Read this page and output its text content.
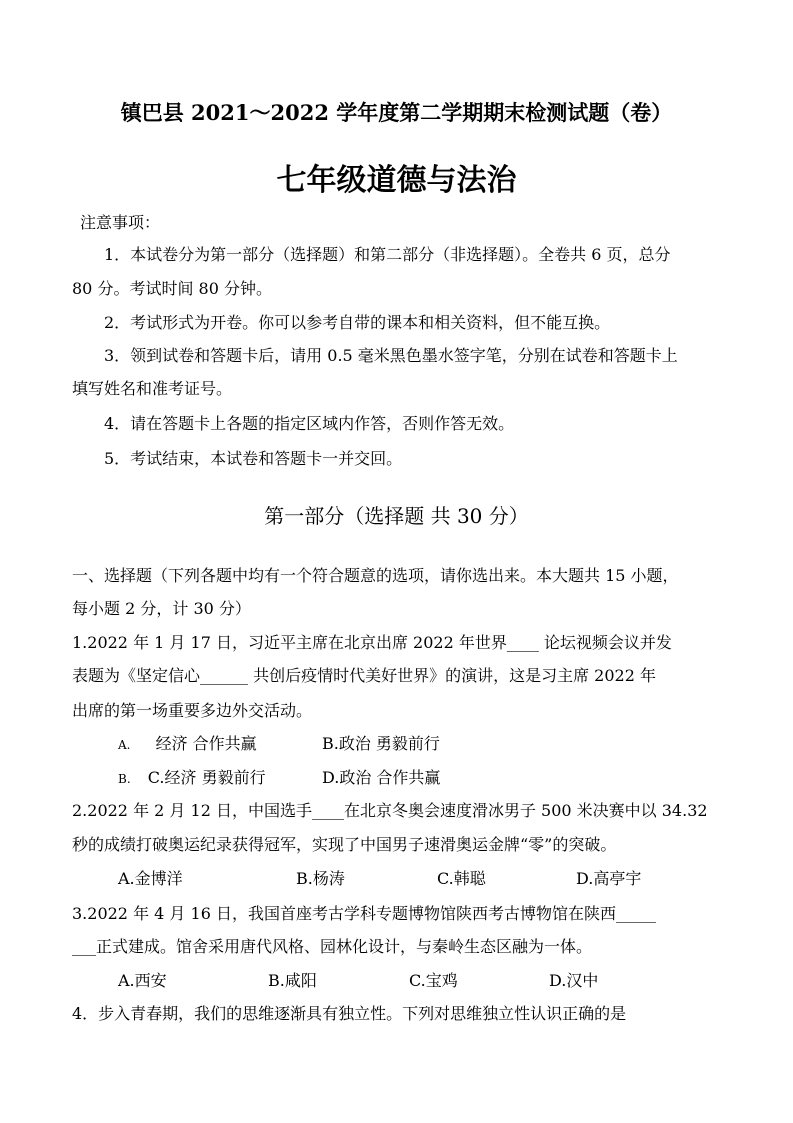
镇巴县 2021～2022 学年度第二学期期末检测试题（卷）
七年级道德与法治
注意事项：
1．本试卷分为第一部分（选择题）和第二部分（非选择题）。全卷共 6 页，总分
80 分。考试时间 80 分钟。
2．考试形式为开卷。你可以参考自带的课本和相关资料，但不能互换。
3．领到试卷和答题卡后，请用 0.5 毫米黑色墨水签字笔，分别在试卷和答题卡上
填写姓名和准考证号。
4．请在答题卡上各题的指定区域内作答，否则作答无效。
5．考试结束，本试卷和答题卡一并交回。
第一部分（选择题 共 30 分）
一、选择题（下列各题中均有一个符合题意的选项，请你选出来。本大题共 15 小题，
每小题 2 分，计 30 分）
1.2022 年 1 月 17 日，习近平主席在北京出席 2022 年世界____ 论坛视频会议并发
表题为《坚定信心______ 共创后疫情时代美好世界》的演讲，这是习主席 2022 年
出席的第一场重要多边外交活动。
A. 经济 合作共赢	B.政治 勇毅前行
B. C.经济 勇毅前行	D.政治 合作共赢
2.2022 年 2 月 12 日，中国选手____在北京冬奥会速度滑冰男子 500 米决赛中以 34.32
秒的成绩打破奥运纪录获得冠军，实现了中国男子速滑奥运金牌“零”的突破。
A.金博洋	B.杨涛	C.韩聪	D.高亭宇
3.2022 年 4 月 16 日，我国首座考古学科专题博物馆陕西考古博物馆在陕西_____
___正式建成。馆舍采用唐代风格、园林化设计，与秦岭生态区融为一体。
A.西安	B.咸阳	C.宝鸡	D.汉中
4．步入青春期，我们的思维逐渐具有独立性。下列对思维独立性认识正确的是
